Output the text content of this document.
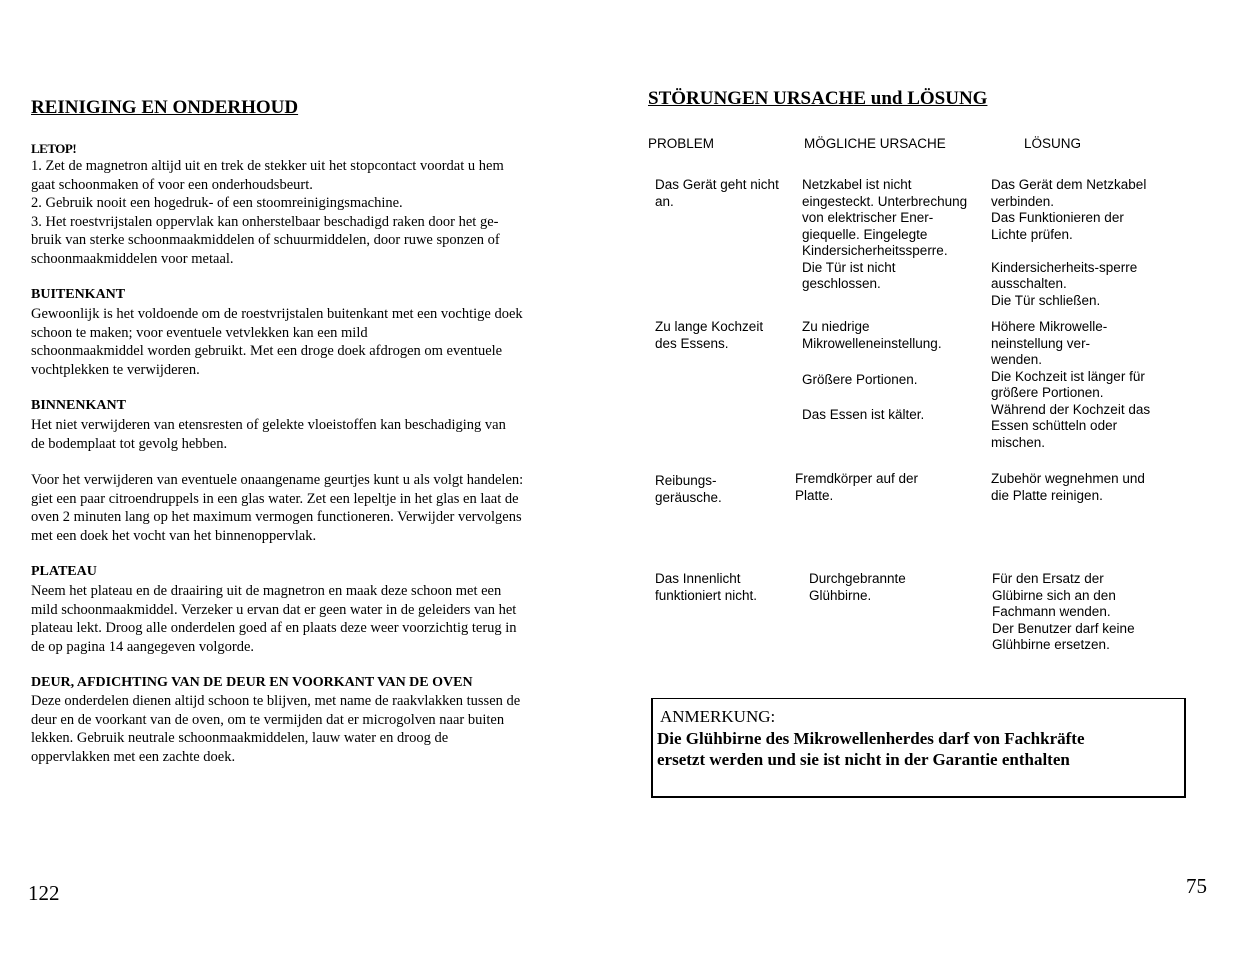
REINIGING EN ONDERHOUD
LETOP!
1. Zet de magnetron altijd uit en trek de stekker uit het stopcontact voordat u hem
gaat schoonmaken of voor een onderhoudsbeurt.
2. Gebruik nooit een hogedruk- of een stoomreinigingsmachine.
3. Het roestvrijstalen oppervlak kan onherstelbaar beschadigd raken door het ge-
bruik van sterke schoonmaakmiddelen of schuurmiddelen, door ruwe sponzen of
schoonmaakmiddelen voor metaal.
BUITENKANT
Gewoonlijk is het voldoende om de roestvrijstalen buitenkant met een vochtige doek
schoon te maken; voor eventuele vetvlekken kan een mild
schoonmaakmiddel worden gebruikt. Met een droge doek afdrogen om eventuele
vochtplekken te verwijderen.
BINNENKANT
Het niet verwijderen van etensresten of gelekte vloeistoffen kan beschadiging van
de bodemplaat tot gevolg hebben.
Voor het verwijderen van eventuele onaangename geurtjes kunt u als volgt handelen:
giet een paar citroendruppels in een glas water. Zet een lepeltje in het glas en laat de
oven 2 minuten lang op het maximum vermogen functioneren. Verwijder vervolgens
met een doek het vocht van het binnenoppervlak.
PLATEAU
Neem het plateau en de draairing uit de magnetron en maak deze schoon met een
mild schoonmaakmiddel. Verzeker u ervan dat er geen water in de geleiders van het
plateau lekt. Droog alle onderdelen goed af en plaats deze weer voorzichtig terug in
de op pagina 14 aangegeven volgorde.
DEUR, AFDICHTING VAN DE DEUR EN VOORKANT VAN DE OVEN
Deze onderdelen dienen altijd schoon te blijven, met name de raakvlakken tussen de
deur en de voorkant van de oven, om te vermijden dat er microgolven naar buiten
lekken. Gebruik neutrale schoonmaakmiddelen, lauw water en droog de
oppervlakken met een zachte doek.
122
STÖRUNGEN URSACHE und LÖSUNG
PROBLEM	MÖGLICHE URSACHE	LÖSUNG
Das Gerät geht nicht
an.
Netzkabel ist nicht
eingesteckt. Unterbrechung
von elektrischer Ener-
giequelle. Eingelegte
Kindersicherheitssperre.
Die Tür ist nicht
geschlossen.
Das Gerät dem Netzkabel
verbinden.
Das Funktionieren der
Lichte prüfen.
Kindersicherheits-sperre
ausschalten.
Die Tür schließen.
Zu lange Kochzeit
des Essens.
Zu niedrige
Mikrowelleneinstellung.
Größere Portionen.
Das Essen ist kälter.
Höhere Mikrowelle-
neinstellung ver-
wenden.
Die Kochzeit ist länger für
größere Portionen.
Während der Kochzeit das
Essen schütteln oder
mischen.
Reibungs-
geräusche.
Fremdkörper auf der
Platte.
Zubehör wegnehmen und
die Platte reinigen.
Das Innenlicht
funktioniert nicht.
Durchgebrannte
Glühbirne.
Für den Ersatz der
Glübirne sich an den
Fachmann wenden.
Der Benutzer darf keine
Glühbirne ersetzen.
ANMERKUNG:
Die Glühbirne des Mikrowellenherdes darf von Fachkräfte
ersetzt werden und sie ist nicht in der Garantie enthalten
75
